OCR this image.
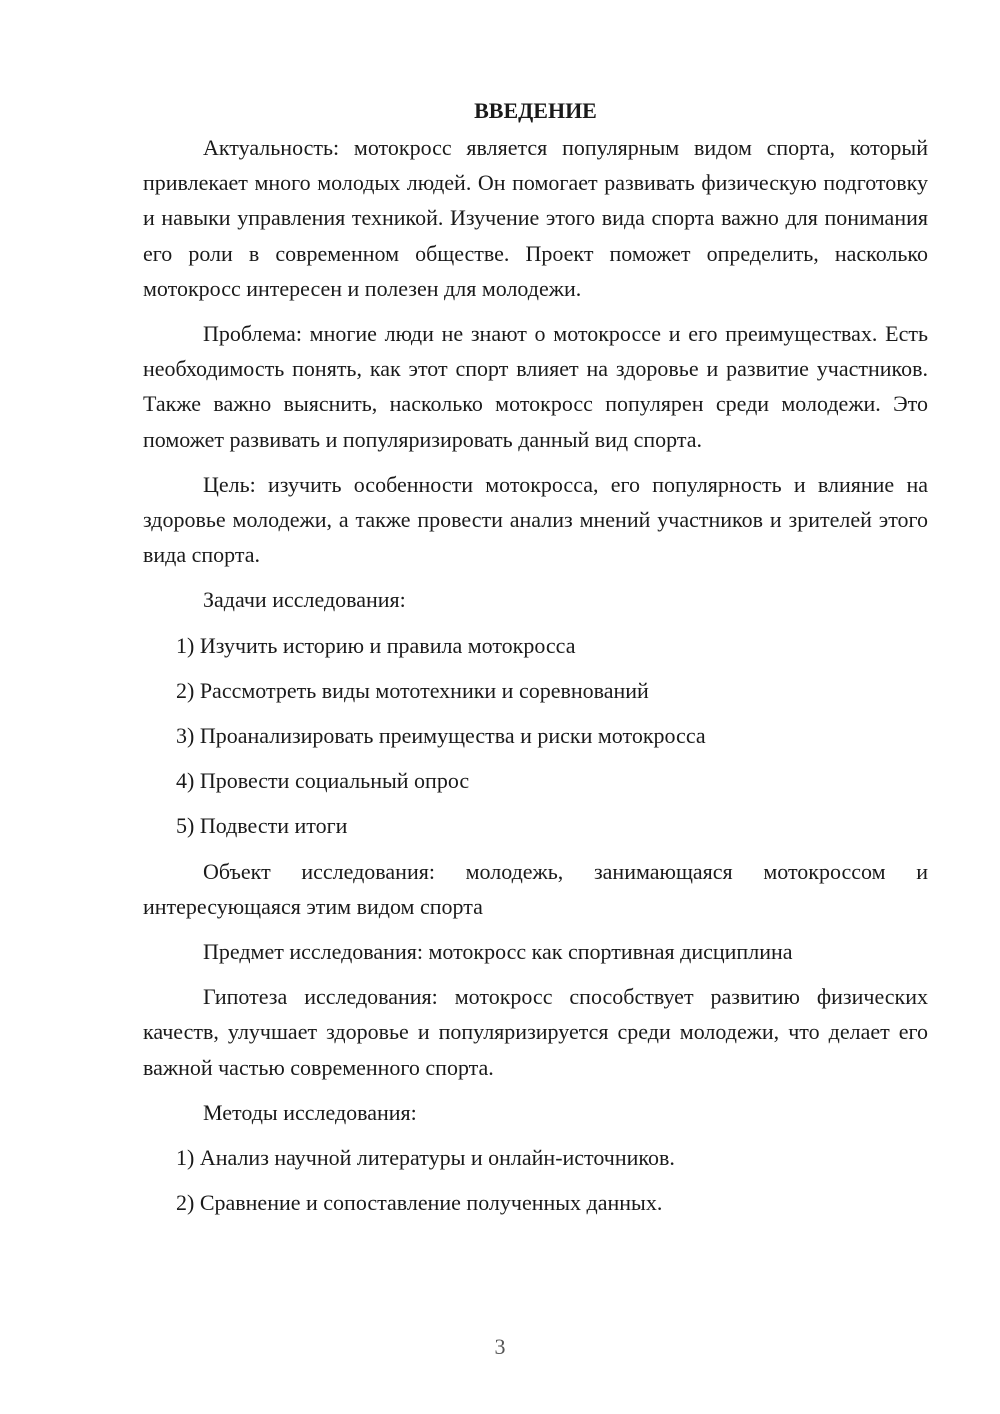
ВВЕДЕНИЕ

Актуальность: мотокросс является популярным видом спорта, который привлекает много молодых людей. Он помогает развивать физическую подготовку и навыки управления техникой. Изучение этого вида спорта важно для понимания его роли в современном обществе. Проект поможет определить, насколько мотокросс интересен и полезен для молодежи.

Проблема: многие люди не знают о мотокроссе и его преимуществах. Есть необходимость понять, как этот спорт влияет на здоровье и развитие участников. Также важно выяснить, насколько мотокросс популярен среди молодежи. Это поможет развивать и популяризировать данный вид спорта.

Цель: изучить особенности мотокросса, его популярность и влияние на здоровье молодежи, а также провести анализ мнений участников и зрителей этого вида спорта.

Задачи исследования:

1) Изучить историю и правила мотокросса
2) Рассмотреть виды мототехники и соревнований
3) Проанализировать преимущества и риски мотокросса
4) Провести социальный опрос
5) Подвести итоги

Объект исследования: молодежь, занимающаяся мотокроссом и интересующаяся этим видом спорта

Предмет исследования: мотокросс как спортивная дисциплина

Гипотеза исследования: мотокросс способствует развитию физических качеств, улучшает здоровье и популяризируется среди молодежи, что делает его важной частью современного спорта.

Методы исследования:

1) Анализ научной литературы и онлайн-источников.
2) Сравнение и сопоставление полученных данных.
3
